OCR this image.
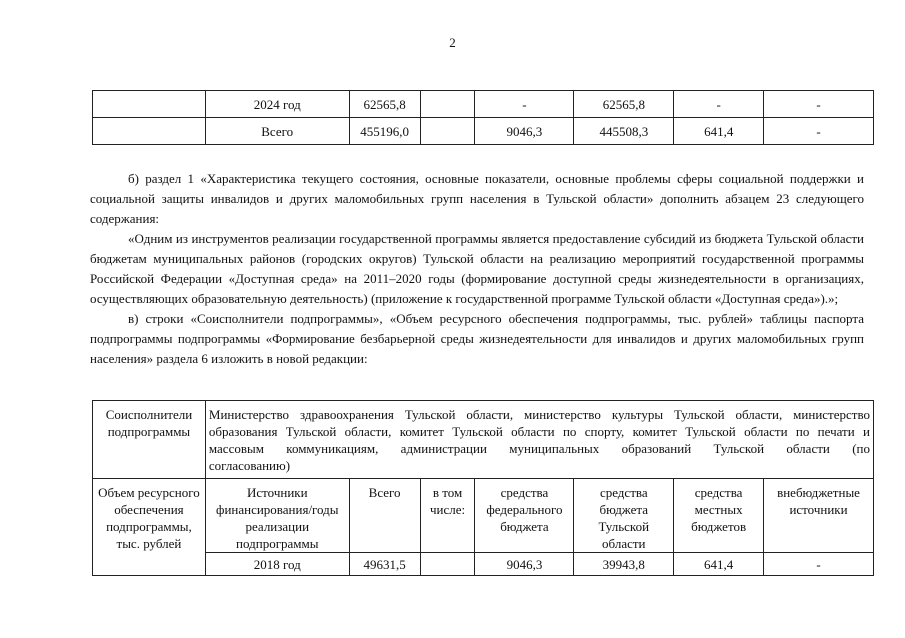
2
	2024 год	62565,8		-	62565,8	-	-
	Всего	455196,0		9046,3	445508,3	641,4	-

б) раздел 1 «Характеристика текущего состояния, основные показатели, основные проблемы сферы социальной поддержки и социальной защиты инвалидов и других маломобильных групп населения в Тульской области» дополнить абзацем 23 следующего содержания:

«Одним из инструментов реализации государственной программы является предоставление субсидий из бюджета Тульской области бюджетам муниципальных районов (городских округов) Тульской области на реализацию мероприятий государственной программы Российской Федерации «Доступная среда» на 2011–2020 годы (формирование доступной среды жизнедеятельности в организациях, осуществляющих образовательную деятельность) (приложение к государственной программе Тульской области «Доступная среда»).»;

в) строки «Соисполнители подпрограммы», «Объем ресурсного обеспечения подпрограммы, тыс. рублей» таблицы паспорта подпрограммы подпрограммы «Формирование безбарьерной среды жизнедеятельности для инвалидов и других маломобильных групп населения» раздела 6 изложить в новой редакции:

Соисполнители подпрограммы	Министерство здравоохранения Тульской области, министерство культуры Тульской области, министерство
образования Тульской области, комитет Тульской области по спорту, комитет Тульской области по печати и
массовым коммуникациям, администрации муниципальных образований Тульской области (по
согласованию)						

Объем ресурсного обеспечения подпрограммы, тыс. рублей	Источники финансирования/годы реализации подпрограммы	Всего	в том числе:	средства федерального бюджета	средства бюджета Тульской области	средства местных бюджетов	внебюджетные источники
	2018 год	49631,5		9046,3	39943,8	641,4	-
